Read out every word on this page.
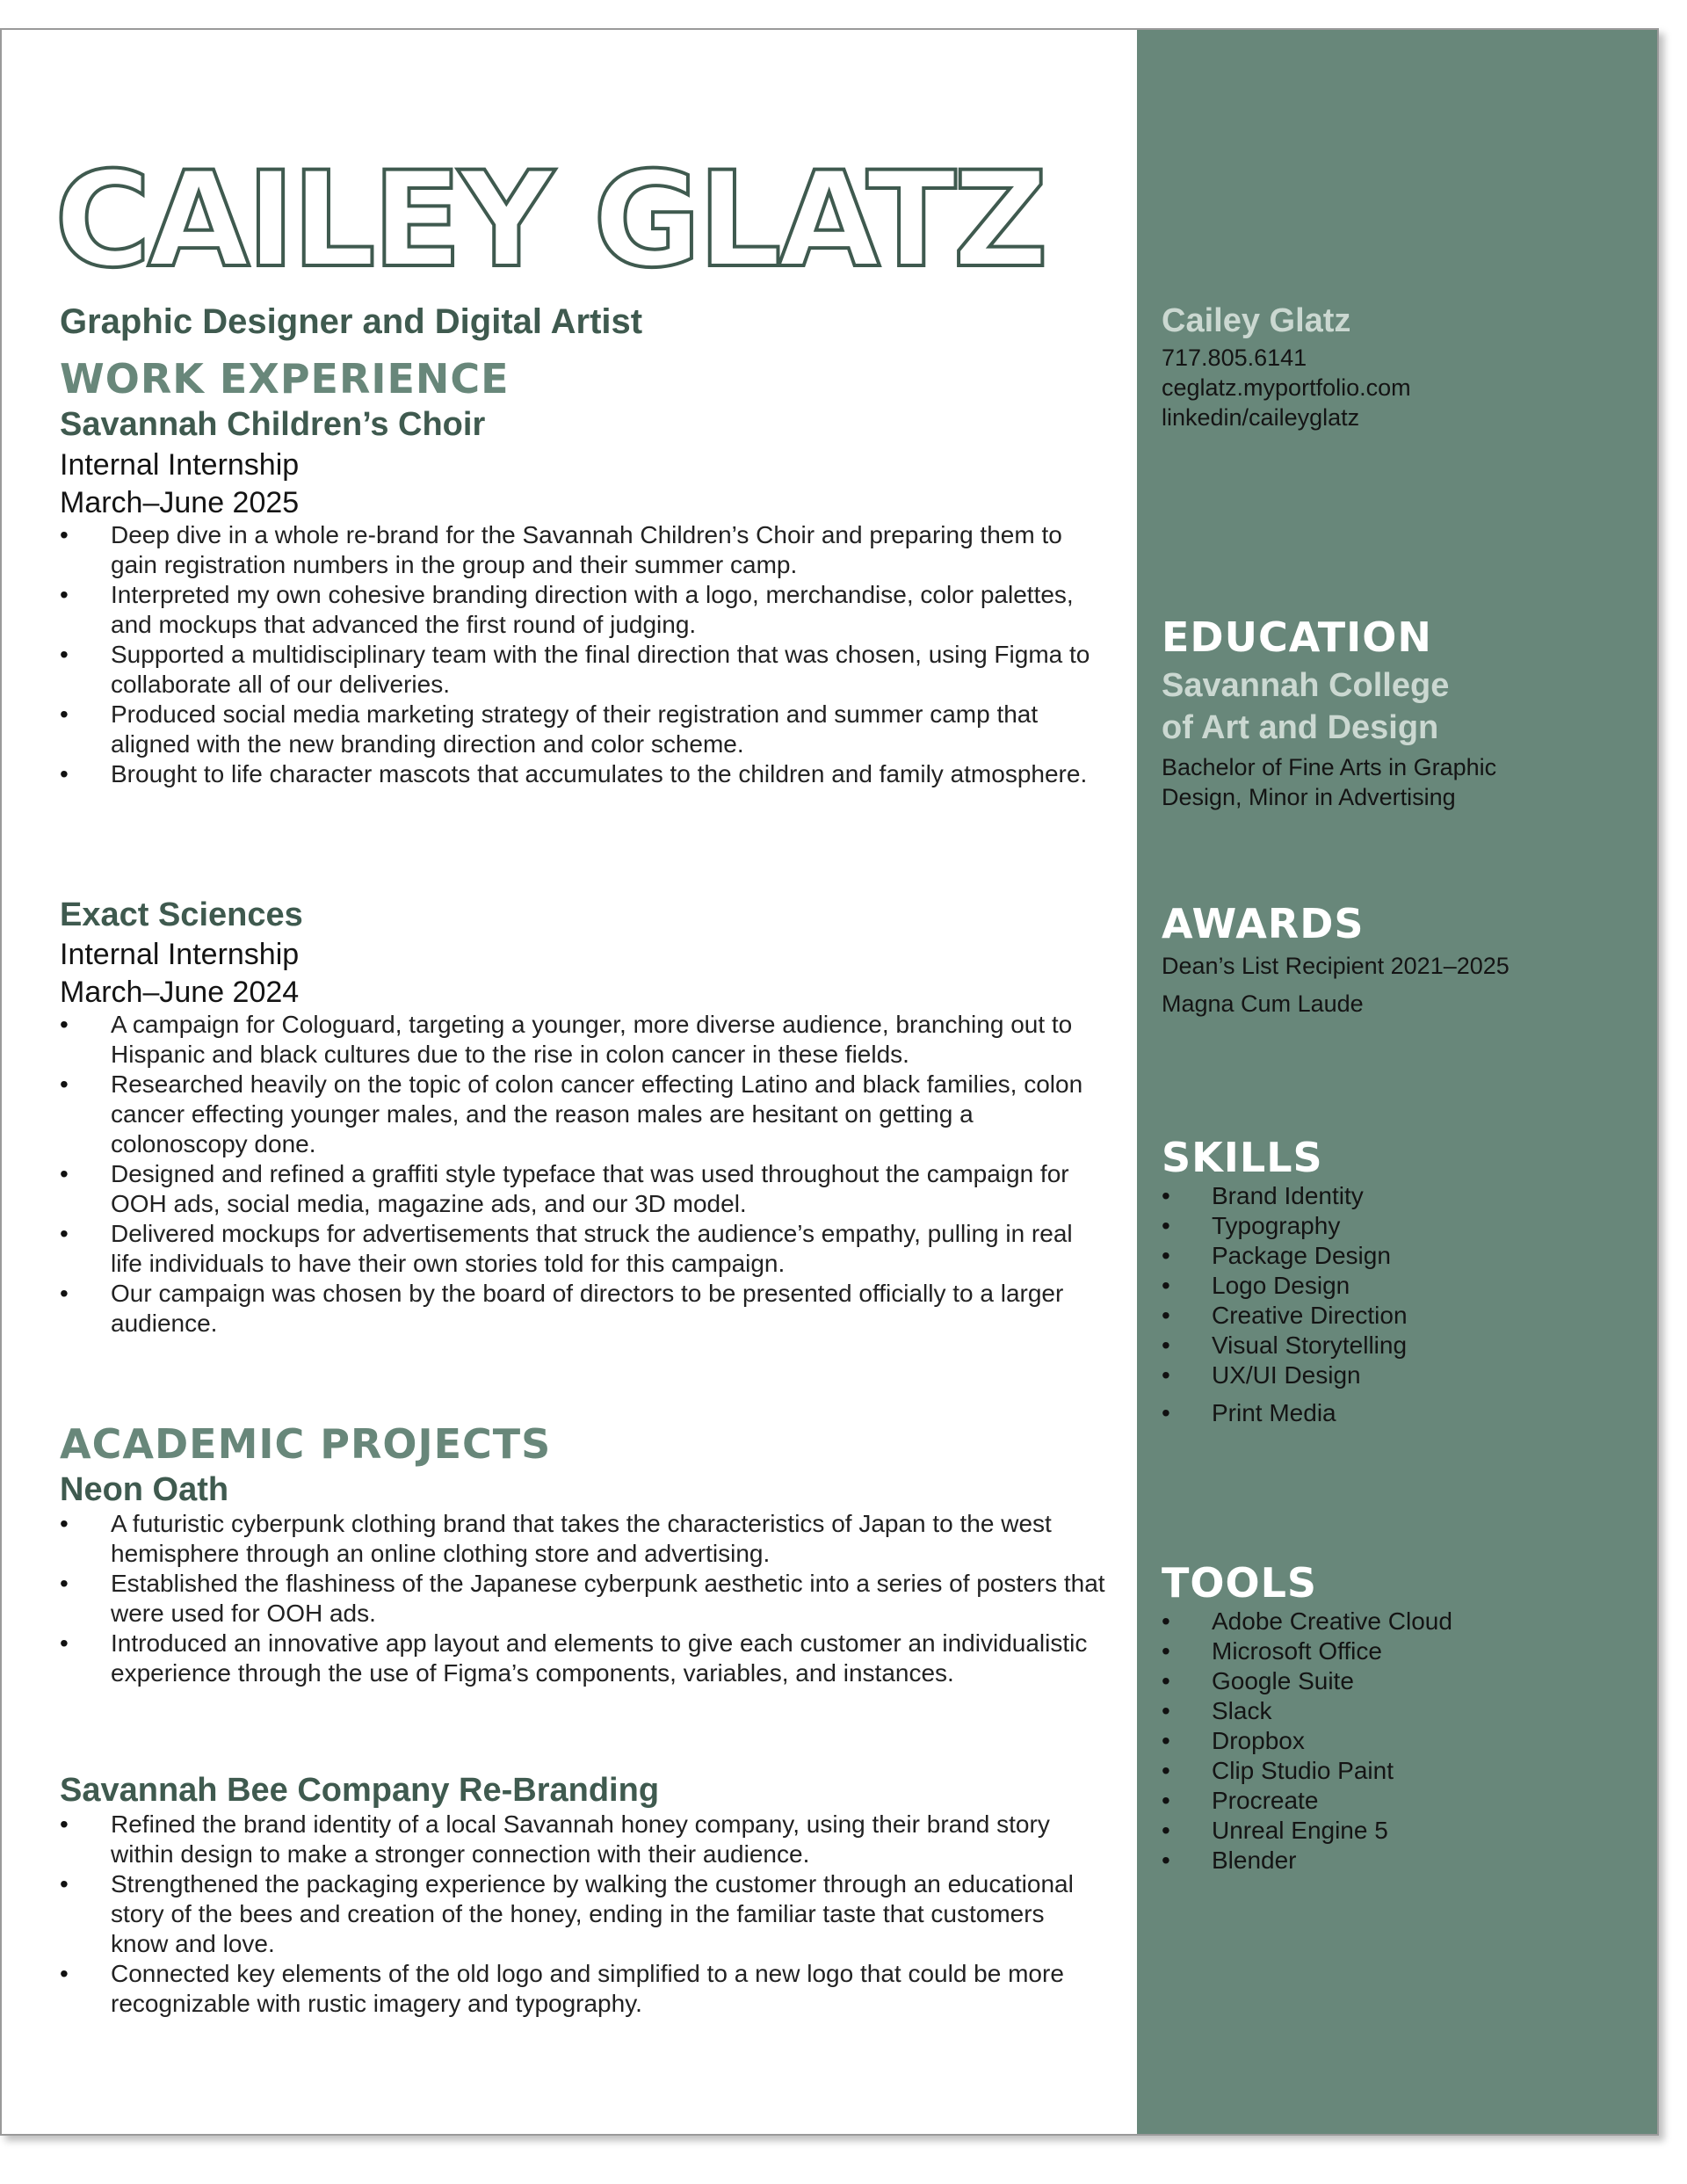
CAILEY GLATZ
Graphic Designer and Digital Artist
WORK EXPERIENCE
Savannah Children’s Choir
Internal Internship
March–June 2025
• Deep dive in a whole re-brand for the Savannah Children’s Choir and preparing them to gain registration numbers in the group and their summer camp.
• Interpreted my own cohesive branding direction with a logo, merchandise, color palettes, and mockups that advanced the first round of judging.
• Supported a multidisciplinary team with the final direction that was chosen, using Figma to collaborate all of our deliveries.
• Produced social media marketing strategy of their registration and summer camp that aligned with the new branding direction and color scheme.
• Brought to life character mascots that accumulates to the children and family atmosphere.
Exact Sciences
Internal Internship
March–June 2024
• A campaign for Cologuard, targeting a younger, more diverse audience, branching out to Hispanic and black cultures due to the rise in colon cancer in these fields.
• Researched heavily on the topic of colon cancer effecting Latino and black families, colon cancer effecting younger males, and the reason males are hesitant on getting a colonoscopy done.
• Designed and refined a graffiti style typeface that was used throughout the campaign for OOH ads, social media, magazine ads, and our 3D model.
• Delivered mockups for advertisements that struck the audience’s empathy, pulling in real life individuals to have their own stories told for this campaign.
• Our campaign was chosen by the board of directors to be presented officially to a larger audience.
ACADEMIC PROJECTS
Neon Oath
• A futuristic cyberpunk clothing brand that takes the characteristics of Japan to the west hemisphere through an online clothing store and advertising.
• Established the flashiness of the Japanese cyberpunk aesthetic into a series of posters that were used for OOH ads.
• Introduced an innovative app layout and elements to give each customer an individualistic experience through the use of Figma’s components, variables, and instances.
Savannah Bee Company Re-Branding
• Refined the brand identity of a local Savannah honey company, using their brand story within design to make a stronger connection with their audience.
• Strengthened the packaging experience by walking the customer through an educational story of the bees and creation of the honey, ending in the familiar taste that customers know and love.
• Connected key elements of the old logo and simplified to a new logo that could be more recognizable with rustic imagery and typography.
Cailey Glatz
717.805.6141
ceglatz.myportfolio.com
linkedin/caileyglatz
EDUCATION
Savannah College
of Art and Design
Bachelor of Fine Arts in Graphic
Design, Minor in Advertising
AWARDS
Dean’s List Recipient 2021–2025
Magna Cum Laude
SKILLS
• Brand Identity
• Typography
• Package Design
• Logo Design
• Creative Direction
• Visual Storytelling
• UX/UI Design
• Print Media
TOOLS
• Adobe Creative Cloud
• Microsoft Office
• Google Suite
• Slack
• Dropbox
• Clip Studio Paint
• Procreate
• Unreal Engine 5
• Blender
